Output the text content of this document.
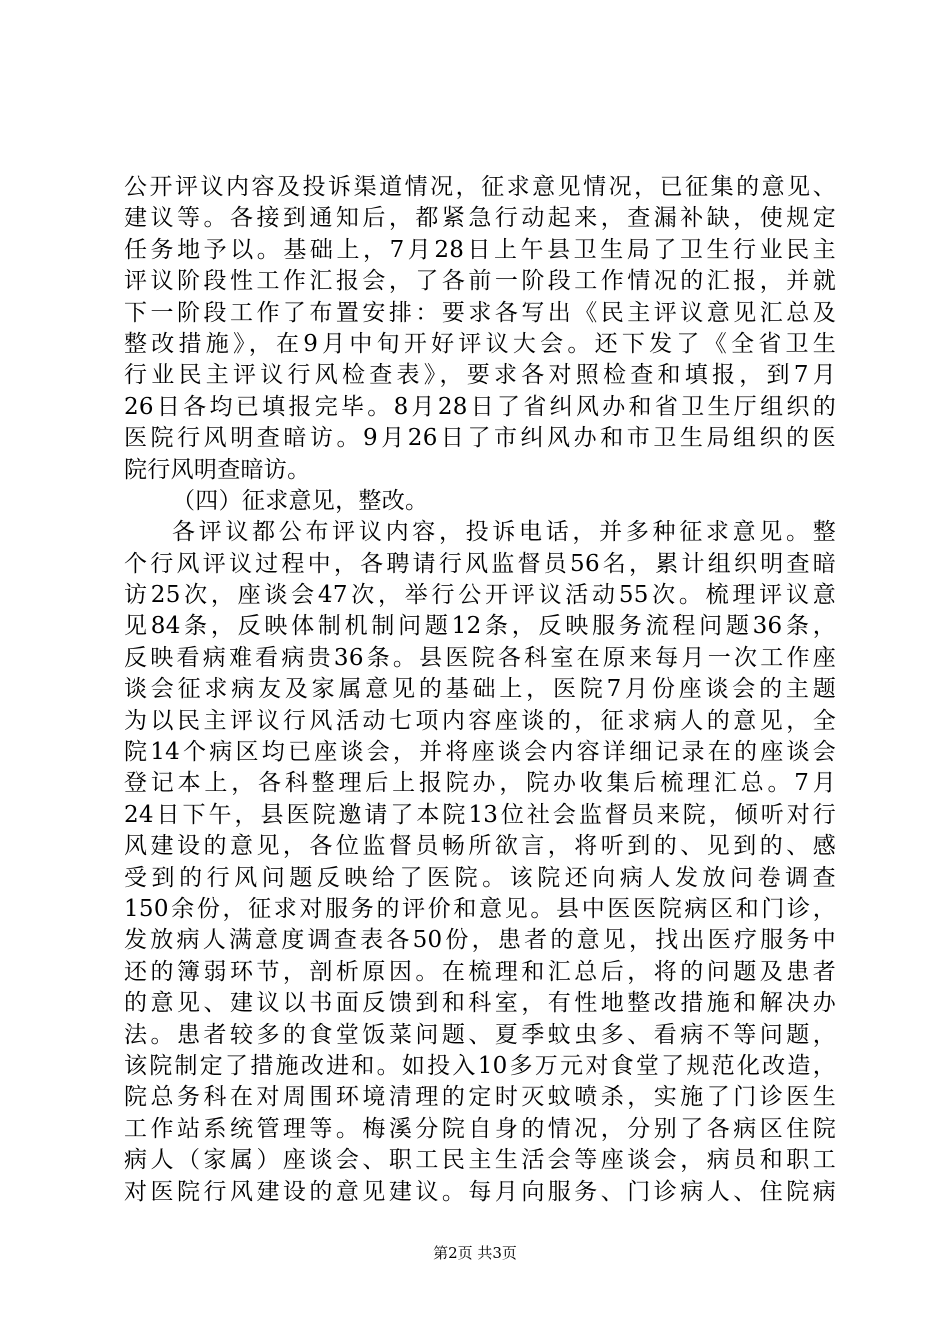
公开评议内容及投诉渠道情况，征求意见情况，已征集的意见、
建议等。各接到通知后，都紧急行动起来，查漏补缺，使规定
任务地予以。基础上，7月28日上午县卫生局了卫生行业民主
评议阶段性工作汇报会，了各前一阶段工作情况的汇报，并就
下一阶段工作了布置安排：要求各写出《民主评议意见汇总及
整改措施》，在9月中旬开好评议大会。还下发了《全省卫生
行业民主评议行风检查表》，要求各对照检查和填报，到7月
26日各均已填报完毕。8月28日了省纠风办和省卫生厅组织的
医院行风明查暗访。9月26日了市纠风办和市卫生局组织的医
院行风明查暗访。
（四）征求意见，整改。
各评议都公布评议内容，投诉电话，并多种征求意见。整
个行风评议过程中，各聘请行风监督员56名，累计组织明查暗
访25次，座谈会47次，举行公开评议活动55次。梳理评议意
见84条，反映体制机制问题12条，反映服务流程问题36条，
反映看病难看病贵36条。县医院各科室在原来每月一次工作座
谈会征求病友及家属意见的基础上，医院7月份座谈会的主题
为以民主评议行风活动七项内容座谈的，征求病人的意见，全
院14个病区均已座谈会，并将座谈会内容详细记录在的座谈会
登记本上，各科整理后上报院办，院办收集后梳理汇总。7月
24日下午，县医院邀请了本院13位社会监督员来院，倾听对行
风建设的意见，各位监督员畅所欲言，将听到的、见到的、感
受到的行风问题反映给了医院。该院还向病人发放问卷调查
150余份，征求对服务的评价和意见。县中医医院病区和门诊，
发放病人满意度调查表各50份，患者的意见，找出医疗服务中
还的簿弱环节，剖析原因。在梳理和汇总后，将的问题及患者
的意见、建议以书面反馈到和科室，有性地整改措施和解决办
法。患者较多的食堂饭菜问题、夏季蚊虫多、看病不等问题，
该院制定了措施改进和。如投入10多万元对食堂了规范化改造，
院总务科在对周围环境清理的定时灭蚊喷杀，实施了门诊医生
工作站系统管理等。梅溪分院自身的情况，分别了各病区住院
病人（家属）座谈会、职工民主生活会等座谈会，病员和职工
对医院行风建设的意见建议。每月向服务、门诊病人、住院病
第2页 共3页
